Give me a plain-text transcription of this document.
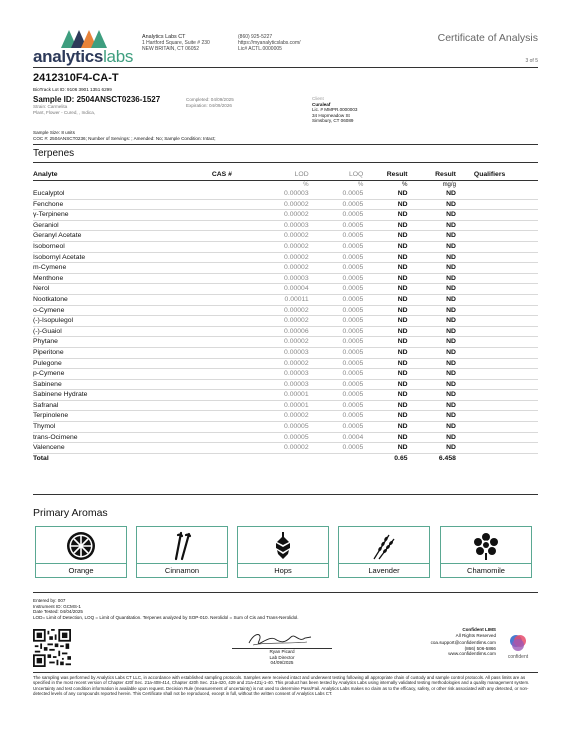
analyticslabs
Analytics Labs CT
1 Hartford Square, Suite # 230
NEW BRITAIN, CT 06052
(860) 925-5227
https://myanalyticslabs.com/
Lic# ACTL.0000005
Certificate of Analysis
3 of 5
2412310F4-CA-T
BioTrack Lot ID: 9106 3901 1351 6299
Sample ID: 2504ANSCT0236-1527
Strain: Carmelita
Plant, Flower - Cured, , Indica,
Completed: 04/09/2025
Expiration: 04/09/2026
Client
Curaleaf
Lic. # MMPR.0000003
34 Hopmeadow St
Simsbury, CT 06089
Sample Size: 8 units
COC #: 2504ANSCT0236; Number of Servings: ; Amended: No; Sample Condition: Intact;
Terpenes
Analyte	CAS #	LOD	LOQ	Result	Result	Qualifiers
		%	%	%	mg/g	
Eucalyptol		0.00003	0.0005	ND	ND	
Fenchone		0.00002	0.0005	ND	ND	
γ-Terpinene		0.00002	0.0005	ND	ND	
Geraniol		0.00003	0.0005	ND	ND	
Geranyl Acetate		0.00002	0.0005	ND	ND	
Isoborneol		0.00002	0.0005	ND	ND	
Isobornyl Acetate		0.00002	0.0005	ND	ND	
m-Cymene		0.00002	0.0005	ND	ND	
Menthone		0.00003	0.0005	ND	ND	
Nerol		0.00004	0.0005	ND	ND	
Nootkatone		0.00011	0.0005	ND	ND	
o-Cymene		0.00002	0.0005	ND	ND	
(-)-Isopulegol		0.00002	0.0005	ND	ND	
(-)-Guaiol		0.00006	0.0005	ND	ND	
Phytane		0.00002	0.0005	ND	ND	
Piperitone		0.00003	0.0005	ND	ND	
Pulegone		0.00002	0.0005	ND	ND	
p-Cymene		0.00003	0.0005	ND	ND	
Sabinene		0.00003	0.0005	ND	ND	
Sabinene Hydrate		0.00001	0.0005	ND	ND	
Safranal		0.00001	0.0005	ND	ND	
Terpinolene		0.00002	0.0005	ND	ND	
Thymol		0.00005	0.0005	ND	ND	
trans-Ocimene		0.00005	0.0004	ND	ND	
Valencene		0.00002	0.0005	ND	ND	
Total				0.65	6.458	
Primary Aromas
Orange	Cinnamon	Hops	Lavender	Chamomile
Entered by: 007
Instrument ID: GCMS-1
Date Tested: 04/04/2025
LOD= Limit of Detection, LOQ = Limit of Quantitation. Terpenes analyzed by SOP-010. Nerolidol = Sum of Cis and Trans-Nerolidol.
Ryan Picard
Lab Director
04/09/2025
Confident LIMS
All Rights Reserved
coa.support@confidentlims.com
(866) 506-5866
www.confidentlims.com
confident
The sampling was performed by Analytics Labs CT LLC, in accordance with established sampling protocols. Samples were received intact and underwent testing following all appropriate chain of custody and sample control protocols. All pass limits are as specified in the most recent version of Chapter 420f Sec. 21a-408-414, Chapter 420h Sec. 21a-420, 429 and 21a-421j-1-40. This product has been tested by Analytics Labs using internally validated testing methodologies and a quality management system. Uncertainty and test condition information is available upon request. Decision Rule (measurement of uncertainty) is not used to determine Pass/Fail. Analytics Labs makes no claim as to the efficacy, safety, or other risk associated with any detected, or non-detected levels of any compounds reported herein. This Certificate shall not be reproduced, except in full, without the written consent of Analytics Labs CT.
